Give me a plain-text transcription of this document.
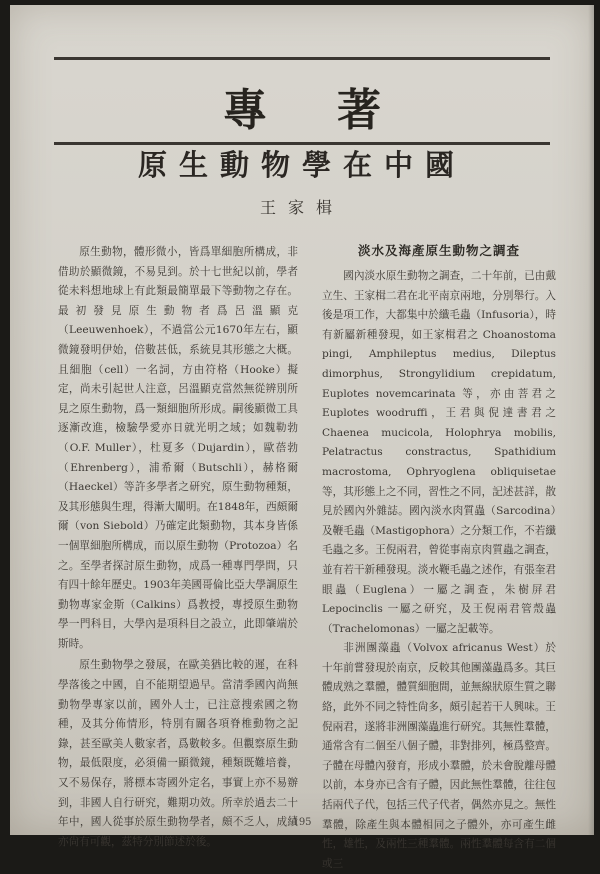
專著
原生動物學在中國
王家楫

原生動物，體形微小，皆爲單細胞所構成，非借助於顯微鏡，不易見到。於十七世紀以前，學者從未料想地球上有此類最簡單最下等動物之存在。最初發見原生動物者爲呂溫顯克（Leeuwenhoek），不過當公元1670年左右，顯微鏡發明伊始，倍數甚低，系統見其形態之大概。且細胞（cell）一名詞，方由符格（Hooke）擬定，尚未引起世人注意，呂溫顯克當然無從辨別所見之原生動物，爲一類細胞所形成。嗣後顯微工具逐漸改進，檢驗學愛亦日就光明之域；如魏勒勃（O.F. Muller），杜夏多（Dujardin），歐蓓勃（Ehrenberg），浦希爾（Butschli），赫格爾（Haeckel）等許多學者之研究，原生動物種類，及其形態與生理，得漸大闡明。在1848年，西頗爾爾（von Siebold）乃確定此類動物，其本身皆係一個單細胞所構成，而以原生動物（Protozoa）名之。至學者探討原生動物，成爲一種專門學問，只有四十餘年歷史。1903年美國哥倫比亞大學調原生動物專家金斯（Calkins）爲教授，專授原生動物學一門科目，大學內是項科目之設立，此即肇端於斯時。

原生動物學之發展，在歐美猶比較的遲，在科學落後之中國，自不能期望過早。當清季國內尚無動物學專家以前，國外人士，已注意搜索國之物種，及其分佈情形，特別有關各項脊椎動物之記錄，甚至歐美人數家者，爲數較多。但觀察原生動物，最低限度，必須備一顯微鏡，種類既難培養，又不易保存，將標本寄國外定名，事實上亦不易辦到，非國人自行研究，難期功效。所幸於過去二十年中，國人從事於原生動物學者，頗不乏人，成績亦尙有可觀，茲特分別節述於後。

淡水及海產原生動物之調查

國內淡水原生動物之調查，二十年前，已由戴立生、王家楫二君在北平南京兩地，分別舉行。入後是項工作，大都集中於纖毛蟲（Infusoria），時有新屬新種發現，如王家楫君之 Choanostoma pingi, Amphileptus medius, Dileptus dimorphus, Strongylidium crepidatum, Euplotes novemcarinata 等，亦由菩君之 Euplotes woodruffi，王君與倪達書君之 Chaenea mucicola, Holophrya mobilis, Pelatractus constractus, Spathidium macrostoma, Ophryoglena obliquisetae 等，其形態上之不同，習性之不同，記述甚詳，散見於國內外雜誌。國內淡水肉質蟲（Sarcodina）及鞭毛蟲（Mastigophora）之分類工作，不若纖毛蟲之多。王倪兩君，曾從事南京肉質蟲之調查，並有若干新種發現。淡水鞭毛蟲之述作，有張奎君眼蟲（Euglena）一屬之調查，朱樹屏君 Lepocinclis 一屬之研究，及王倪兩君管殼蟲（Trachelomonas）一屬之記載等。

非洲團藻蟲（Volvox africanus West）於十年前嘗發現於南京，反較其他團藻蟲爲多。其巨體成熟之羣體，體質細胞間，並無線狀原生質之聯絡，此外不同之特性尙多，頗引起若干人興味。王倪兩君，遂將非洲團藻蟲進行研究。其無性羣體，通常含有二個至八個子體，非對排列，極爲整齊。子體在母體內發育，形成小羣體，於未會脫離母體以前，本身亦已含有子體，因此無性羣體，往往包括兩代子代，包括三代子代者，偶然亦見之。無性羣體，除產生與本體相同之子體外，亦可產生雌性，雄性，及兩性三種羣體。兩性羣體每含有二個或三

195
